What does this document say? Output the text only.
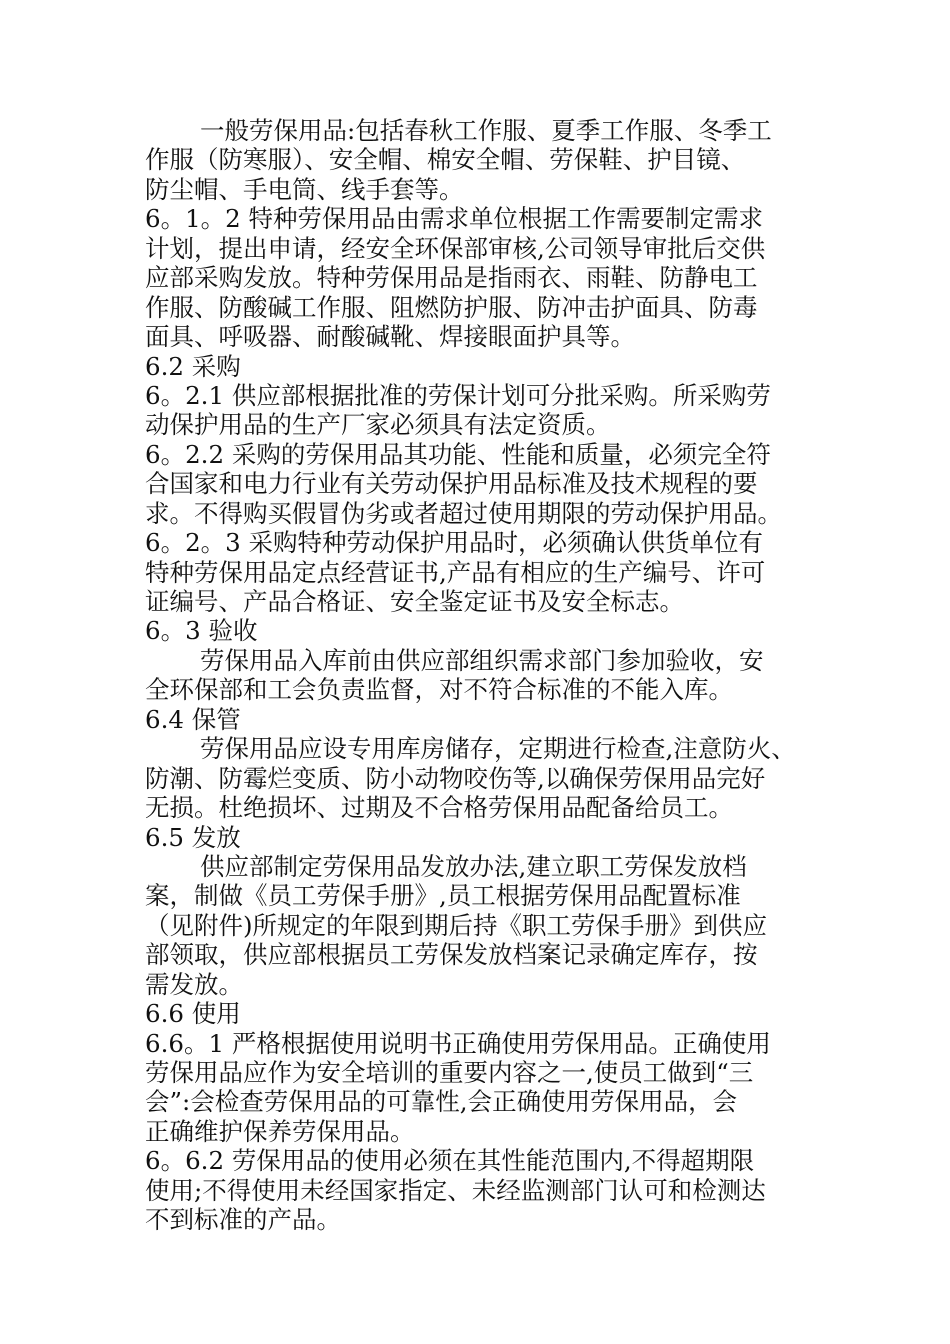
一般劳保用品:包括春秋工作服、夏季工作服、冬季工
作服（防寒服）、安全帽、棉安全帽、劳保鞋、护目镜、
防尘帽、手电筒、线手套等。
6。1。2 特种劳保用品由需求单位根据工作需要制定需求
计划，提出申请，经安全环保部审核,公司领导审批后交供
应部采购发放。特种劳保用品是指雨衣、雨鞋、防静电工
作服、防酸碱工作服、阻燃防护服、防冲击护面具、防毒
面具、呼吸器、耐酸碱靴、焊接眼面护具等。
6.2 采购
6。2.1 供应部根据批准的劳保计划可分批采购。所采购劳
动保护用品的生产厂家必须具有法定资质。
6。2.2 采购的劳保用品其功能、性能和质量，必须完全符
合国家和电力行业有关劳动保护用品标准及技术规程的要
求。不得购买假冒伪劣或者超过使用期限的劳动保护用品。
6。2。3 采购特种劳动保护用品时，必须确认供货单位有
特种劳保用品定点经营证书,产品有相应的生产编号、许可
证编号、产品合格证、安全鉴定证书及安全标志。
6。3 验收
劳保用品入库前由供应部组织需求部门参加验收，安
全环保部和工会负责监督，对不符合标准的不能入库。
6.4 保管
劳保用品应设专用库房储存，定期进行检查,注意防火、
防潮、防霉烂变质、防小动物咬伤等,以确保劳保用品完好
无损。杜绝损坏、过期及不合格劳保用品配备给员工。
6.5 发放
供应部制定劳保用品发放办法,建立职工劳保发放档
案，制做《员工劳保手册》,员工根据劳保用品配置标准
（见附件)所规定的年限到期后持《职工劳保手册》到供应
部领取，供应部根据员工劳保发放档案记录确定库存，按
需发放。
6.6 使用
6.6。1 严格根据使用说明书正确使用劳保用品。正确使用
劳保用品应作为安全培训的重要内容之一,使员工做到“三
会”:会检查劳保用品的可靠性,会正确使用劳保用品，会
正确维护保养劳保用品。
6。6.2 劳保用品的使用必须在其性能范围内,不得超期限
使用;不得使用未经国家指定、未经监测部门认可和检测达
不到标准的产品。
